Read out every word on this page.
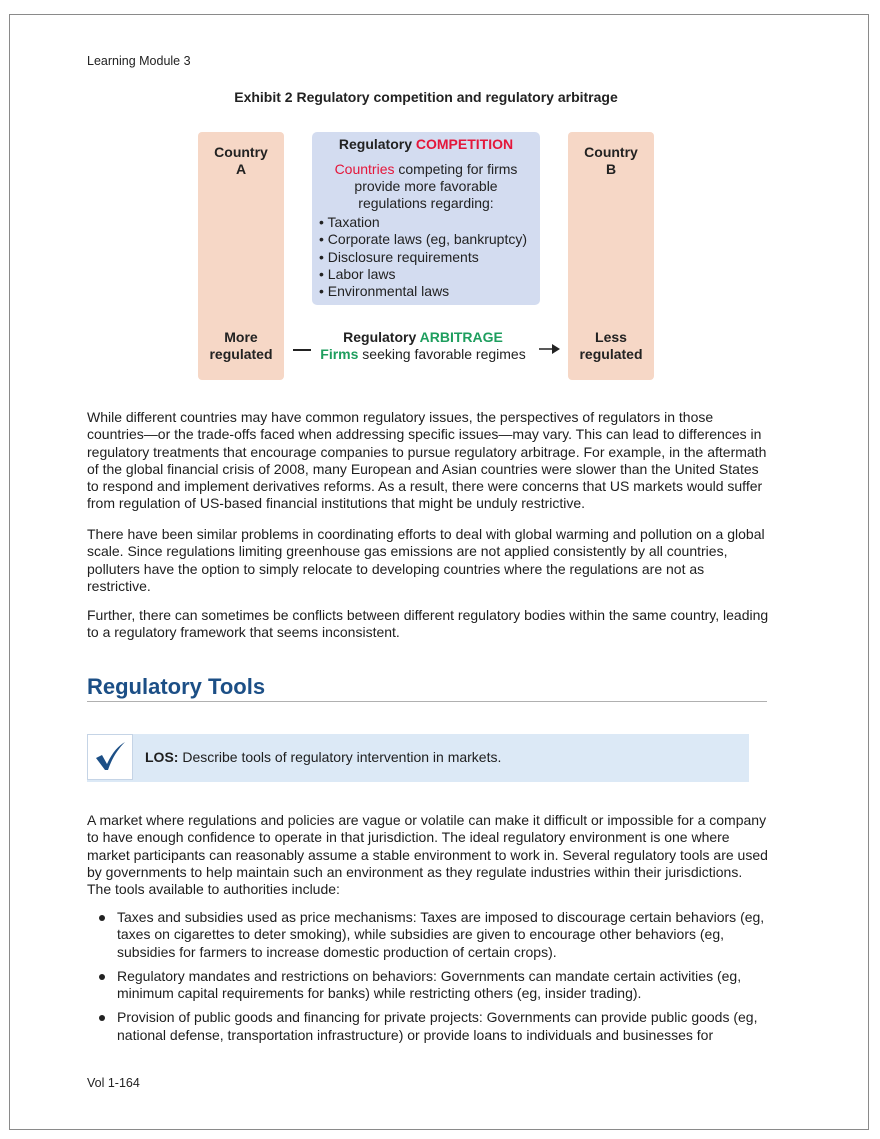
Learning Module 3
Exhibit 2 Regulatory competition and regulatory arbitrage
Country
A
More
regulated
Country
B
Less
regulated
Regulatory COMPETITION
Countries competing for firms
provide more favorable
regulations regarding:
• Taxation
• Corporate laws (eg, bankruptcy)
• Disclosure requirements
• Labor laws
• Environmental laws
Regulatory ARBITRAGE
Firms seeking favorable regimes

While different countries may have common regulatory issues, the perspectives of regulators in those countries—or the trade-offs faced when addressing specific issues—may vary. This can lead to differences in regulatory treatments that encourage companies to pursue regulatory arbitrage. For example, in the aftermath of the global financial crisis of 2008, many European and Asian countries were slower than the United States to respond and implement derivatives reforms. As a result, there were concerns that US markets would suffer from regulation of US-based financial institutions that might be unduly restrictive.

There have been similar problems in coordinating efforts to deal with global warming and pollution on a global scale. Since regulations limiting greenhouse gas emissions are not applied consistently by all countries, polluters have the option to simply relocate to developing countries where the regulations are not as restrictive.

Further, there can sometimes be conflicts between different regulatory bodies within the same country, leading to a regulatory framework that seems inconsistent.

Regulatory Tools
LOS: Describe tools of regulatory intervention in markets.

A market where regulations and policies are vague or volatile can make it difficult or impossible for a company to have enough confidence to operate in that jurisdiction. The ideal regulatory environment is one where market participants can reasonably assume a stable environment to work in. Several regulatory tools are used by governments to help maintain such an environment as they regulate industries within their jurisdictions. The tools available to authorities include:

Taxes and subsidies used as price mechanisms: Taxes are imposed to discourage certain behaviors (eg, taxes on cigarettes to deter smoking), while subsidies are given to encourage other behaviors (eg, subsidies for farmers to increase domestic production of certain crops).
Regulatory mandates and restrictions on behaviors: Governments can mandate certain activities (eg, minimum capital requirements for banks) while restricting others (eg, insider trading).
Provision of public goods and financing for private projects: Governments can provide public goods (eg, national defense, transportation infrastructure) or provide loans to individuals and businesses for
Vol 1-164
